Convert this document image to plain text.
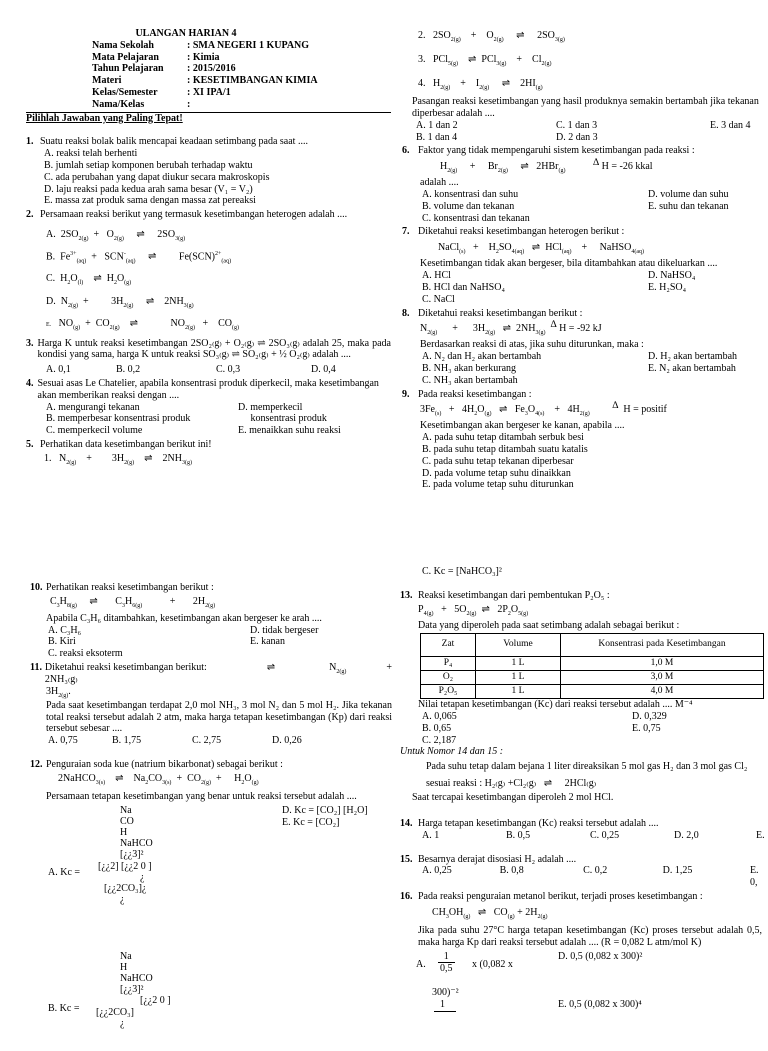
ULANGAN HARIAN 4
Nama Sekolah	: SMA NEGERI 1 KUPANG
Mata Pelajaran	: Kimia
Tahun Pelajaran	: 2015/2016
Materi	: KESETIMBANGAN KIMIA
Kelas/Semester	: XI IPA/1
Nama/Kelas	:
Pilihlah Jawaban yang Paling Tepat!
1. Suatu reaksi bolak balik mencapai keadaan setimbang pada saat ....
A. reaksi telah berhenti
B. jumlah setiap komponen berubah terhadap waktu
C. ada perubahan yang dapat diukur secara makroskopis
D. laju reaksi pada kedua arah sama besar (V₁ = V₂)
E. massa zat produk sama dengan massa zat pereaksi
2. Persamaan reaksi berikut yang termasuk kesetimbangan heterogen adalah ....
A.  $2SO_{2(g)} + O_{2(g)}$ ⇌     $2SO_{3(g)}$
B.  $Fe^{3+}_{(aq)} + SCN^-_{(aq)}$ ⇌         Fe(SCN)$^{2+}_{(aq)}$
C.  $H_2O_{(l)}$ ⇌  $H_2O_{(g)}$
D.  $N_{2(g)}$  +         $3H_{2(g)}$ ⇌    $2NH_{3(g)}$
E.   $NO_{(g)} + CO_{2(g)}$ ⇌             $NO_{2(g)}$   +    $CO_{(g)}$
3. Harga K untuk reaksi kesetimbangan 2SO₂₍g₎ + O₂₍g₎ ⇌ 2SO₃₍g₎ adalah 25, maka pada kondisi yang sama, harga K untuk reaksi SO₃₍g₎ ⇌ SO₂₍g₎ + ½ O₂₍g₎ adalah ....
A. 0,1	B. 0,2	C. 0,3	D. 0,4
4. Sesuai asas Le Chatelier, apabila konsentrasi produk diperkecil, maka kesetimbangan akan memberikan reaksi dengan ....
A. mengurangi tekanan
B. memperbesar konsentrasi produk
C. memperkecil volume
D. memperkecil
konsentrasi produk
E. menaikkan suhu reaksi
5. Perhatikan data kesetimbangan berikut ini!
1.   $N_{2(g)}$    +        $3H_{2(g)}$ ⇌    $2NH_{3(g)}$
2.   $2SO_{2(g)}$    +    $O_{2(g)}$ ⇌     $2SO_{3(g)}$
3.   PCl$_{5(g)}$ ⇌  PCl$_{3(g)}$    +    $Cl_{2(g)}$
4.   $H_{2(g)}$    +    $I_{2(g)}$ ⇌    $2HI_{(g)}$
Pasangan reaksi kesetimbangan yang hasil produknya semakin bertambah jika tekanan diperbesar adalah ....
A. 1 dan 2	C. 1 dan 3	E. 3 dan 4
B. 1 dan 4	D. 2 dan 3
6. Faktor yang tidak mempengaruhi sistem kesetimbangan pada reaksi :
$H_{2(g)}$     +     $Br_{2(g)}$ ⇌   2HBr$_{(g)}$           ∆ H = -26 kkal
adalah ....
A. konsentrasi dan suhu
B. volume dan tekanan
C. konsentrasi dan tekanan
D. volume dan suhu
E. suhu dan tekanan
7. Diketahui reaksi kesetimbangan heterogen berikut :
NaCl$_{(s)}$   +    $H_2SO_{4(aq)}$ ⇌  HCl$_{(aq)}$    +     NaHSO$_{4(aq)}$
Kesetimbangan tidak akan bergeser, bila ditambahkan atau dikeluarkan ....
A. HCl
B. HCl dan NaHSO₄
C. NaCl
D. NaHSO₄
E. H₂SO₄
8. Diketahui reaksi kesetimbangan berikut :
$N_{2(g)}$      +      $3H_{2(g)}$ ⇌  $2NH_{3(g)}$  ∆ H = -92 kJ
Berdasarkan reaksi di atas, jika suhu diturunkan, maka :
A. N₂ dan H₂ akan bertambah
B. NH₃ akan berkurang
C. NH₃ akan bertambah
D. H₂ akan bertambah
E. N₂ akan bertambah
9. Pada reaksi kesetimbangan :
$3Fe_{(s)} + 4H_2O_{(g)}$ ⇌   $Fe_3O_{4(s)}$    +   $4H_{2(g)}$         ∆ H = positif
Kesetimbangan akan bergeser ke kanan, apabila ....
A. pada suhu tetap ditambah serbuk besi
B. pada suhu tetap ditambah suatu katalis
C. pada suhu tetap tekanan diperbesar
D. pada volume tetap suhu dinaikkan
E. pada volume tetap suhu diturunkan
10. Perhatikan reaksi kesetimbangan berikut :
$C_3H_{8(g)}$ ⇌       $C_3H_{6(g)}$           +       $2H_{2(g)}$
Apabila C₃H₆ ditambahkan, kesetimbangan akan bergeser ke arah ....
A. C₃H₆
B. Kiri
C. reaksi eksoterm
D. tidak bergeser
E. kanan
11. Diketahui reaksi kesetimbangan berikut: 2NH₃₍g₎
⇌	$N_{2(g)}$	+
$3H_{2(g)}$.
Pada saat kesetimbangan terdapat 2,0 mol NH₃, 3 mol N₂ dan 5 mol H₂. Jika tekanan total reaksi tersebut adalah 2 atm, maka harga tetapan kesetimbangan (Kp) dari reaksi tersebut sebesar ....
A. 0,75	B. 1,75	C. 2,75	D. 0,26
12. Penguraian soda kue (natrium bikarbonat) sebagai berikut :
2NaHCO$_{3(s)}$ ⇌    $Na_2CO_{3(s)} + CO_{2(g)}$  +     $H_2O_{(g)}$
Persamaan tetapan kesetimbangan yang benar untuk reaksi tersebut adalah ....
Na
CO
H
NaHCO
[¿¿3]²
[¿¿2] [¿¿2 0 ]
¿
[¿¿2CO₃]¿
¿
A. Kc =
D. Kc = [CO₂] [H₂O]
E. Kc = [CO₂]
Na
H
NaHCO
[¿¿3]²
[¿¿2 0 ]
[¿¿2CO₃]
¿
B. Kc =
C. Kc = [NaHCO₃]²
13. Reaksi kesetimbangan dari pembentukan P₂O₅ :
$P_{4(g)} + 5O_{2(g)}$ ⇌   $2P_2O_{5(g)}$
Data yang diperoleh pada saat setimbang adalah sebagai berikut :
Zat	Volume	Konsentrasi pada Kesetimbangan
P₄	1 L	1,0 M
O₂	1 L	3,0 M
P₂O₅	1 L	4,0 M
Nilai tetapan kesetimbangan (Kc) dari reaksi tersebut adalah .... M⁻⁴
A. 0,065
B. 0,65
C. 2,187
D. 0,329
E. 0,75
Untuk Nomor 14 dan 15 :
Pada suhu tetap dalam bejana 1 liter direaksikan 5 mol gas H₂ dan 3 mol gas Cl₂ sesuai reaksi : H₂₍g₎ +Cl₂₍g₎ ⇌ 2HCl₍g₎
Saat tercapai kesetimbangan diperoleh 2 mol HCl.
14. Harga tetapan kesetimbangan (Kc) reaksi tersebut adalah ....
A. 1	B. 0,5	C. 0,25	D. 2,0	E.
15. Besarnya derajat disosiasi H₂ adalah ....
A. 0,25	B. 0,8	C. 0,2	D. 1,25	E. 0,
16. Pada reaksi penguraian metanol berikut, terjadi proses kesetimbangan :
$CH_3OH_{(g)}$ ⇌   $CO_{(g)} + 2H_{2(g)}$
Jika pada suhu 27°C harga tetapan kesetimbangan (Kc) proses tersebut adalah 0,5, maka harga Kp dari reaksi tersebut adalah .... (R = 0,082 L atm/mol K)
A. $\frac{1}{0,5}$ x (0,082 x
300)⁻²
1
D. 0,5 (0,082 x 300)²
E. 0,5 (0,082 x 300)⁴
